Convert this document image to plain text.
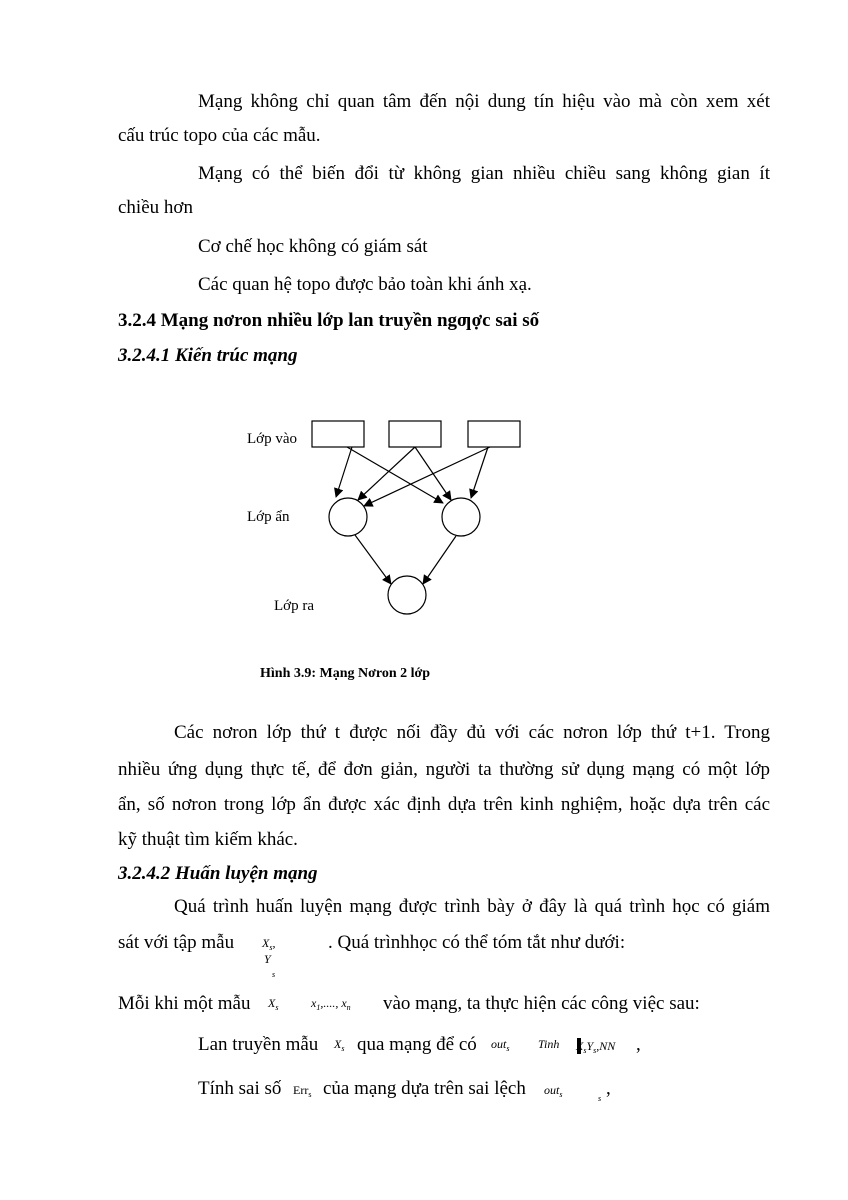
Mạng không chỉ quan tâm đến nội dung tín hiệu vào mà còn xem xét
cấu trúc topo của các mẫu.
Mạng có thể biến đổi từ không gian nhiều chiều sang không gian ít
chiều hơn
Cơ chế học không có giám sát
Các quan hệ topo được bảo toàn khi ánh xạ.
3.2.4 Mạng nơron nhiều lớp lan truyền ngƣợc sai số
3.2.4.1 Kiến trúc mạng
Lớp vào
Lớp ẩn
Lớp ra
Hình 3.9: Mạng Nơron 2 lớp
Các nơron lớp thứ t được nối đầy đủ với các nơron lớp thứ t+1. Trong
nhiều ứng dụng thực tế, để đơn giản, người ta thường sử dụng mạng có một lớp
ẩn, số nơron trong lớp ẩn được xác định dựa trên kinh nghiệm, hoặc dựa trên các
kỹ thuật tìm kiếm khác.
3.2.4.2 Huấn luyện mạng
Quá trình huấn luyện mạng được trình bày ở đây là quá trình học có giám
sát với tập mẫu $X_s$,
Y
$_s$
. Quá trìnhhọc có thể tóm tắt như dưới:
Mỗi khi một mẫu $X_s$	$x_1$,...., $x_n$ vào mạng, ta thực hiện các công việc sau:
Lan truyền mẫu $X_s$ qua mạng để có out$_s$ Tinh $X_sY_s,NN$ ,
Tính sai số Err$_s$ của mạng dựa trên sai lệch out$_s$	$_s$ ,
